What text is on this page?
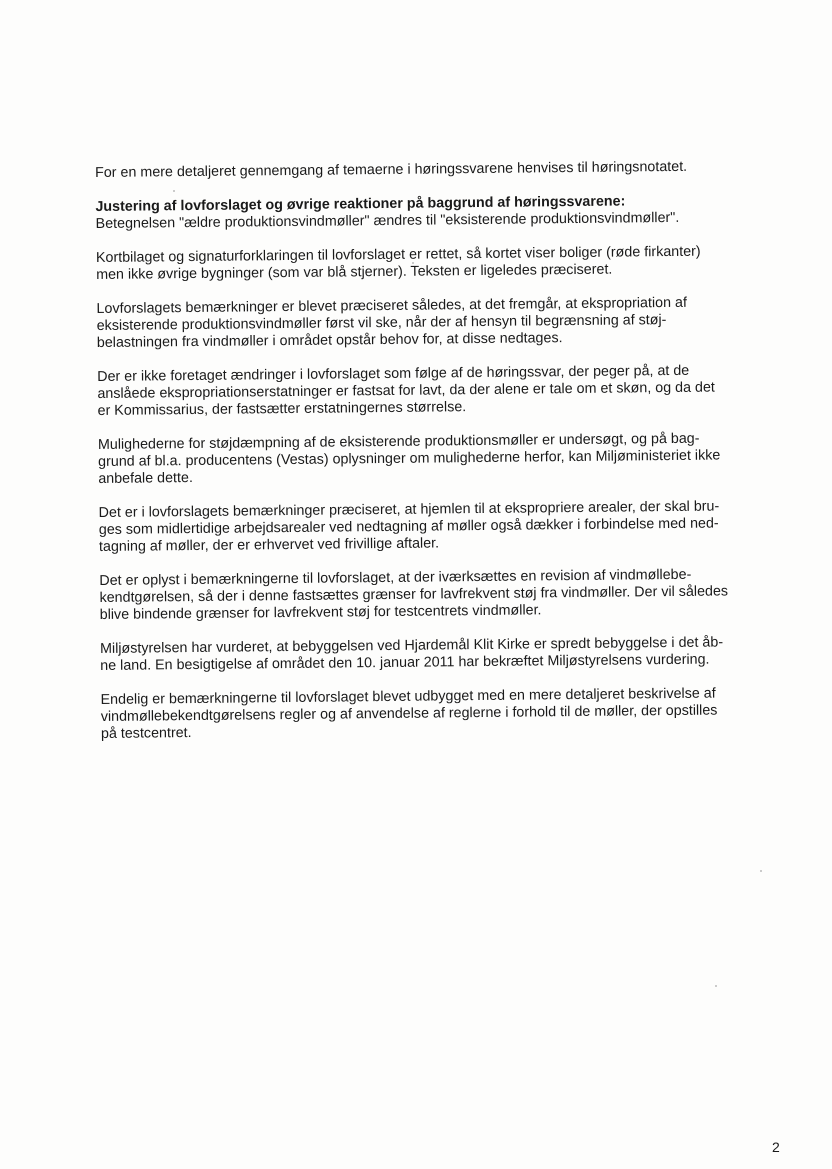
For en mere detaljeret gennemgang af temaerne i høringssvarene henvises til høringsnotatet.

Justering af lovforslaget og øvrige reaktioner på baggrund af høringssvarene:

Betegnelsen "ældre produktionsvindmøller" ændres til "eksisterende produktionsvindmøller".

Kortbilaget og signaturforklaringen til lovforslaget er rettet, så kortet viser boliger (røde firkanter)
men ikke øvrige bygninger (som var blå stjerner). Teksten er ligeledes præciseret.

Lovforslagets bemærkninger er blevet præciseret således, at det fremgår, at ekspropriation af
eksisterende produktionsvindmøller først vil ske, når der af hensyn til begrænsning af støj-
belastningen fra vindmøller i området opstår behov for, at disse nedtages.

Der er ikke foretaget ændringer i lovforslaget som følge af de høringssvar, der peger på, at de
anslåede ekspropriationserstatninger er fastsat for lavt, da der alene er tale om et skøn, og da det
er Kommissarius, der fastsætter erstatningernes størrelse.

Mulighederne for støjdæmpning af de eksisterende produktionsmøller er undersøgt, og på bag-
grund af bl.a. producentens (Vestas) oplysninger om mulighederne herfor, kan Miljøministeriet ikke
anbefale dette.

Det er i lovforslagets bemærkninger præciseret, at hjemlen til at ekspropriere arealer, der skal bru-
ges som midlertidige arbejdsarealer ved nedtagning af møller også dækker i forbindelse med ned-
tagning af møller, der er erhvervet ved frivillige aftaler.

Det er oplyst i bemærkningerne til lovforslaget, at der iværksættes en revision af vindmøllebe-
kendtgørelsen, så der i denne fastsættes grænser for lavfrekvent støj fra vindmøller. Der vil således
blive bindende grænser for lavfrekvent støj for testcentrets vindmøller.

Miljøstyrelsen har vurderet, at bebyggelsen ved Hjardemål Klit Kirke er spredt bebyggelse i det åb-
ne land. En besigtigelse af området den 10. januar 2011 har bekræftet Miljøstyrelsens vurdering.

Endelig er bemærkningerne til lovforslaget blevet udbygget med en mere detaljeret beskrivelse af
vindmøllebekendtgørelsens regler og af anvendelse af reglerne i forhold til de møller, der opstilles
på testcentret.

2
